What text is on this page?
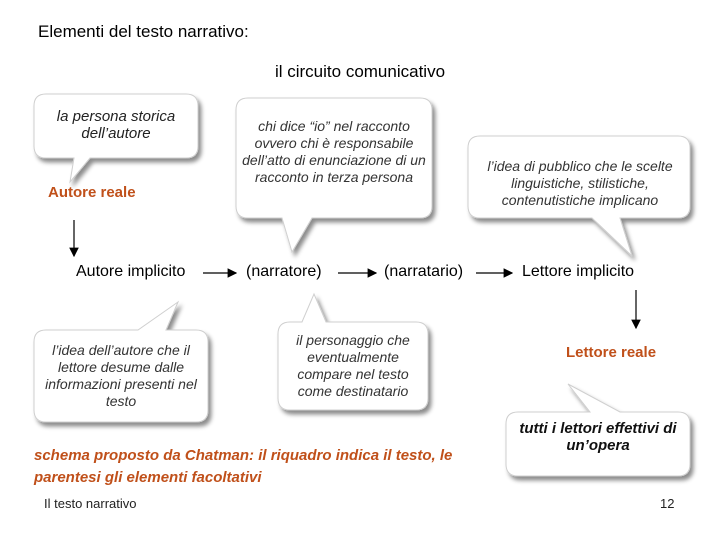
Elementi del testo narrativo:
il circuito comunicativo
la persona storica dell’autore	chi dice “io” nel racconto ovvero chi è responsabile dell’atto di enunciazione di un racconto in terza persona
l’idea di pubblico che le scelte linguistiche, stilistiche, contenutistiche implicano
l’idea dell’autore che il lettore desume dalle informazioni presenti nel testo
il personaggio che eventualmente compare nel testo come destinatario
tutti i lettori effettivi di un’opera
Autore reale
Autore implicito	(narratore)	(narratario)	Lettore implicito
Lettore reale
schema proposto da Chatman: il riquadro indica il testo, le parentesi gli elementi facoltativi
Il testo narrativo	12
